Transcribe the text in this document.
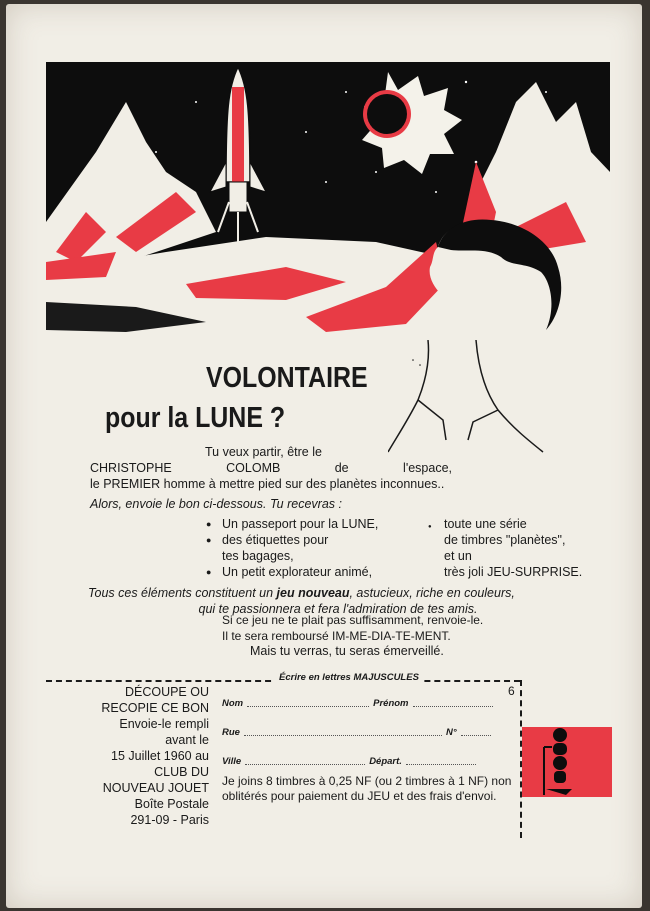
VOLONTAIRE
pour la LUNE ?
Tu veux partir, être le
CHRISTOPHE	COLOMB	de	l'espace,
le PREMIER homme à mettre pied sur des planètes inconnues..
Alors, envoie le bon ci-dessous. Tu recevras :
● Un passeport pour la LUNE,
● des étiquettes pour
tes bagages,
● Un petit explorateur animé,
● toute une série
de timbres "planètes",
et un
très joli JEU-SURPRISE.
Tous ces éléments constituent un jeu nouveau, astucieux, riche en couleurs,
qui te passionnera et fera l'admiration de tes amis.
Si ce jeu ne te plait pas suffisamment, renvoie-le.
Il te sera remboursé IM-ME-DIA-TE-MENT.
Mais tu verras, tu seras émerveillé.
Écrire en lettres MAJUSCULES
6
DÉCOUPE OU
RECOPIE CE BON
Envoie-le rempli
avant le
15 Juillet 1960 au
CLUB DU
NOUVEAU JOUET
Boîte Postale
291-09 - Paris
Nom	Prénom
Rue	N°
Ville	Départ.
Je joins 8 timbres à 0,25 NF (ou 2 timbres à 1 NF) non oblitérés pour paiement du JEU et des frais d'envoi.
